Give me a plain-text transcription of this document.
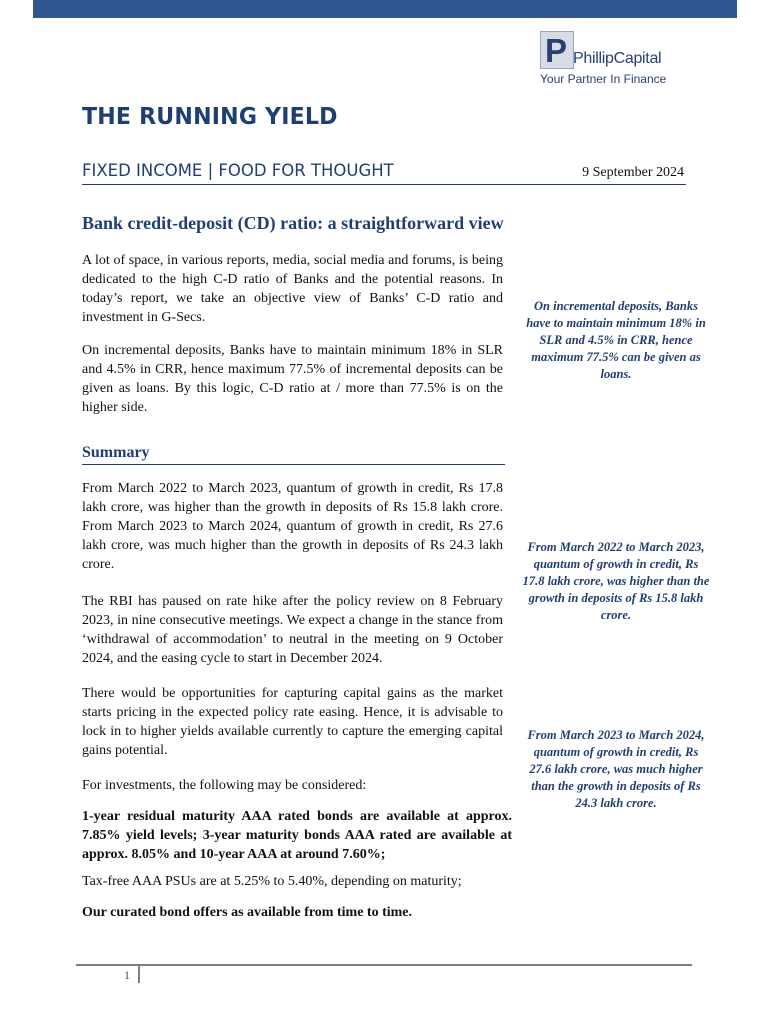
P PhillipCapital
Your Partner In Finance
THE RUNNING YIELD
FIXED INCOME | FOOD FOR THOUGHT	9 September 2024
Bank credit-deposit (CD) ratio: a straightforward view
A lot of space, in various reports, media, social media and forums, is being dedicated to the high C-D ratio of Banks and the potential reasons. In today’s report, we take an objective view of Banks’ C-D ratio and investment in G-Secs.
On incremental deposits, Banks have to maintain minimum 18% in SLR and 4.5% in CRR, hence maximum 77.5% of incremental deposits can be given as loans. By this logic, C-D ratio at / more than 77.5% is on the higher side.
Summary
From March 2022 to March 2023, quantum of growth in credit, Rs 17.8 lakh crore, was higher than the growth in deposits of Rs 15.8 lakh crore. From March 2023 to March 2024, quantum of growth in credit, Rs 27.6 lakh crore, was much higher than the growth in deposits of Rs 24.3 lakh crore.
The RBI has paused on rate hike after the policy review on 8 February 2023, in nine consecutive meetings. We expect a change in the stance from ‘withdrawal of accommodation’ to neutral in the meeting on 9 October 2024, and the easing cycle to start in December 2024.
There would be opportunities for capturing capital gains as the market starts pricing in the expected policy rate easing. Hence, it is advisable to lock in to higher yields available currently to capture the emerging capital gains potential.
For investments, the following may be considered:
1-year residual maturity AAA rated bonds are available at approx. 7.85% yield levels; 3-year maturity bonds AAA rated are available at approx. 8.05% and 10-year AAA at around 7.60%;
Tax-free AAA PSUs are at 5.25% to 5.40%, depending on maturity;
Our curated bond offers as available from time to time.
On incremental deposits, Banks have to maintain minimum 18% in SLR and 4.5% in CRR, hence maximum 77.5% can be given as loans.
From March 2022 to March 2023, quantum of growth in credit, Rs 17.8 lakh crore, was higher than the growth in deposits of Rs 15.8 lakh crore.
From March 2023 to March 2024, quantum of growth in credit, Rs 27.6 lakh crore, was much higher than the growth in deposits of Rs 24.3 lakh crore.
1
